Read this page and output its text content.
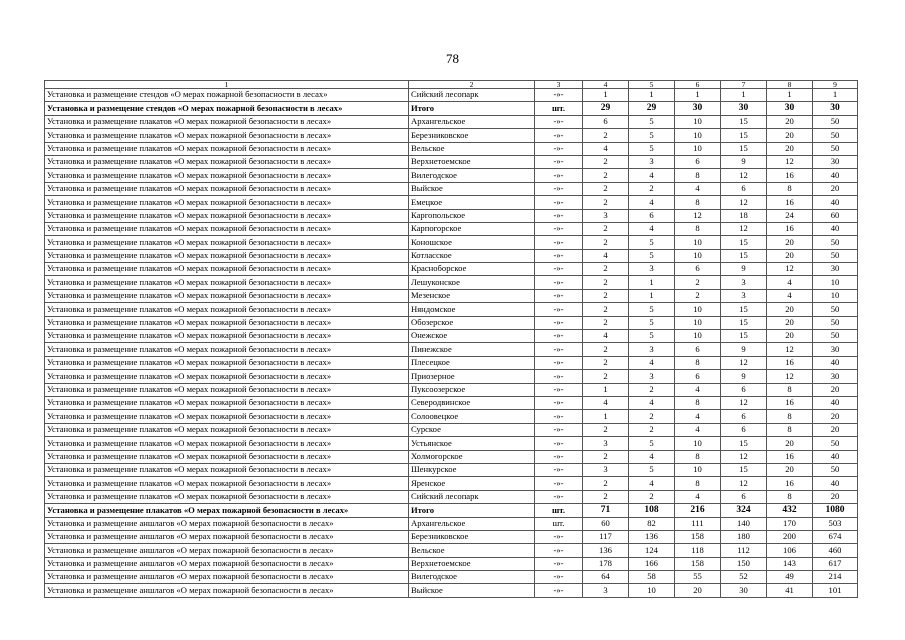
78
1	2	3	4	5	6	7	8	9
Установка и размещение стендов «О мерах пожарной безопасности в лесах»	Сийский лесопарк	-»-	1	1	1	1	1	1
Установка и размещение стендов «О мерах пожарной безопасности в лесах»	Итого	шт.	29	29	30	30	30	30
Установка и размещение плакатов «О мерах пожарной безопасности в лесах»	Архангельское	-»-	6	5	10	15	20	50
Установка и размещение плакатов «О мерах пожарной безопасности в лесах»	Березниковское	-»-	2	5	10	15	20	50
Установка и размещение плакатов «О мерах пожарной безопасности в лесах»	Вельское	-»-	4	5	10	15	20	50
Установка и размещение плакатов «О мерах пожарной безопасности в лесах»	Верхнетоемское	-»-	2	3	6	9	12	30
Установка и размещение плакатов «О мерах пожарной безопасности в лесах»	Вилегодское	-»-	2	4	8	12	16	40
Установка и размещение плакатов «О мерах пожарной безопасности в лесах»	Выйское	-»-	2	2	4	6	8	20
Установка и размещение плакатов «О мерах пожарной безопасности в лесах»	Емецкое	-»-	2	4	8	12	16	40
Установка и размещение плакатов «О мерах пожарной безопасности в лесах»	Каргопольское	-»-	3	6	12	18	24	60
Установка и размещение плакатов «О мерах пожарной безопасности в лесах»	Карпогорское	-»-	2	4	8	12	16	40
Установка и размещение плакатов «О мерах пожарной безопасности в лесах»	Коношское	-»-	2	5	10	15	20	50
Установка и размещение плакатов «О мерах пожарной безопасности в лесах»	Котласское	-»-	4	5	10	15	20	50
Установка и размещение плакатов «О мерах пожарной безопасности в лесах»	Красноборское	-»-	2	3	6	9	12	30
Установка и размещение плакатов «О мерах пожарной безопасности в лесах»	Лешуконское	-»-	2	1	2	3	4	10
Установка и размещение плакатов «О мерах пожарной безопасности в лесах»	Мезенское	-»-	2	1	2	3	4	10
Установка и размещение плакатов «О мерах пожарной безопасности в лесах»	Няндомское	-»-	2	5	10	15	20	50
Установка и размещение плакатов «О мерах пожарной безопасности в лесах»	Обозерское	-»-	2	5	10	15	20	50
Установка и размещение плакатов «О мерах пожарной безопасности в лесах»	Онежское	-»-	4	5	10	15	20	50
Установка и размещение плакатов «О мерах пожарной безопасности в лесах»	Пинежское	-»-	2	3	6	9	12	30
Установка и размещение плакатов «О мерах пожарной безопасности в лесах»	Плесецкое	-»-	2	4	8	12	16	40
Установка и размещение плакатов «О мерах пожарной безопасности в лесах»	Приозерное	-»-	2	3	6	9	12	30
Установка и размещение плакатов «О мерах пожарной безопасности в лесах»	Пуксоозерское	-»-	1	2	4	6	8	20
Установка и размещение плакатов «О мерах пожарной безопасности в лесах»	Северодвинское	-»-	4	4	8	12	16	40
Установка и размещение плакатов «О мерах пожарной безопасности в лесах»	Солоовецкое	-»-	1	2	4	6	8	20
Установка и размещение плакатов «О мерах пожарной безопасности в лесах»	Сурское	-»-	2	2	4	6	8	20
Установка и размещение плакатов «О мерах пожарной безопасности в лесах»	Устьянское	-»-	3	5	10	15	20	50
Установка и размещение плакатов «О мерах пожарной безопасности в лесах»	Холмогорское	-»-	2	4	8	12	16	40
Установка и размещение плакатов «О мерах пожарной безопасности в лесах»	Шенкурское	-»-	3	5	10	15	20	50
Установка и размещение плакатов «О мерах пожарной безопасности в лесах»	Яренское	-»-	2	4	8	12	16	40
Установка и размещение плакатов «О мерах пожарной безопасности в лесах»	Сийский лесопарк	-»-	2	2	4	6	8	20
Установка и размещение плакатов «О мерах пожарной безопасности в лесах»	Итого	шт.	71	108	216	324	432	1080
Установка и размещение аншлагов «О мерах пожарной безопасности в лесах»	Архангельское	шт.	60	82	111	140	170	503
Установка и размещение аншлагов «О мерах пожарной безопасности в лесах»	Березниковское	-»-	117	136	158	180	200	674
Установка и размещение аншлагов «О мерах пожарной безопасности в лесах»	Вельское	-»-	136	124	118	112	106	460
Установка и размещение аншлагов «О мерах пожарной безопасности в лесах»	Верхнетоемское	-»-	178	166	158	150	143	617
Установка и размещение аншлагов «О мерах пожарной безопасности в лесах»	Вилегодское	-»-	64	58	55	52	49	214
Установка и размещение аншлагов «О мерах пожарной безопасности в лесах»	Выйское	-»-	3	10	20	30	41	101
